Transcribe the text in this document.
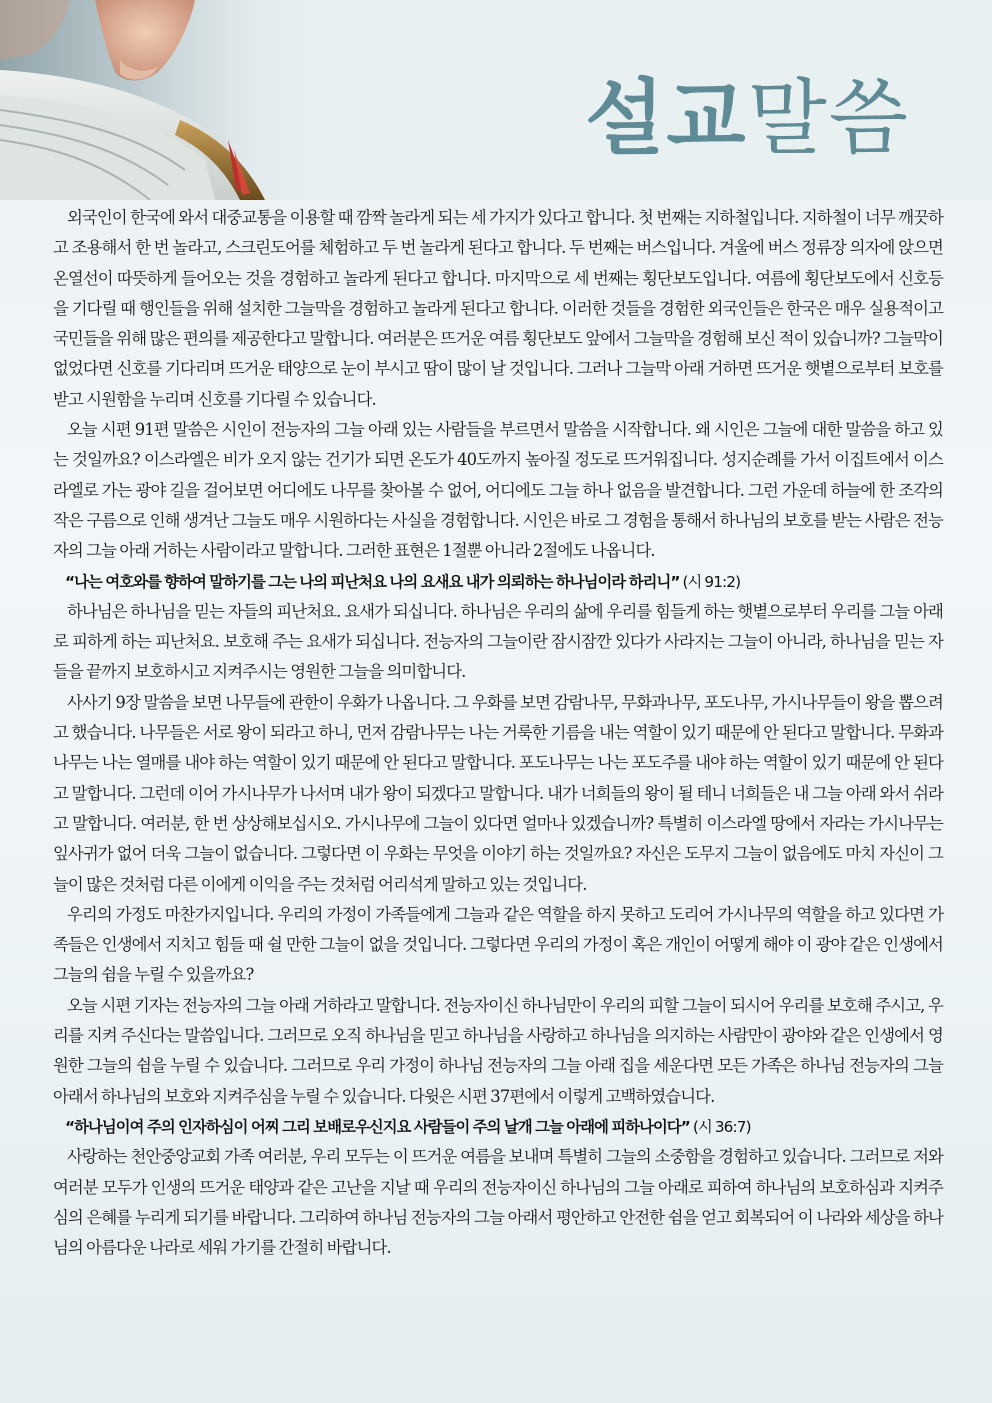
설교말씀

외국인이 한국에 와서 대중교통을 이용할 때 깜짝 놀라게 되는 세 가지가 있다고 합니다. 첫 번째는 지하철입니다. 지하철이 너무 깨끗하고 조용해서 한 번 놀라고, 스크린도어를 체험하고 두 번 놀라게 된다고 합니다. 두 번째는 버스입니다. 겨울에 버스 정류장 의자에 앉으면 온열선이 따뜻하게 들어오는 것을 경험하고 놀라게 된다고 합니다. 마지막으로 세 번째는 횡단보도입니다. 여름에 횡단보도에서 신호등을 기다릴 때 행인들을 위해 설치한 그늘막을 경험하고 놀라게 된다고 합니다. 이러한 것들을 경험한 외국인들은 한국은 매우 실용적이고 국민들을 위해 많은 편의를 제공한다고 말합니다. 여러분은 뜨거운 여름 횡단보도 앞에서 그늘막을 경험해 보신 적이 있습니까? 그늘막이 없었다면 신호를 기다리며 뜨거운 태양으로 눈이 부시고 땀이 많이 날 것입니다. 그러나 그늘막 아래 거하면 뜨거운 햇볕으로부터 보호를 받고 시원함을 누리며 신호를 기다릴 수 있습니다.

오늘 시편 91편 말씀은 시인이 전능자의 그늘 아래 있는 사람들을 부르면서 말씀을 시작합니다. 왜 시인은 그늘에 대한 말씀을 하고 있는 것일까요? 이스라엘은 비가 오지 않는 건기가 되면 온도가 40도까지 높아질 정도로 뜨거워집니다. 성지순례를 가서 이집트에서 이스라엘로 가는 광야 길을 걸어보면 어디에도 나무를 찾아볼 수 없어, 어디에도 그늘 하나 없음을 발견합니다. 그런 가운데 하늘에 한 조각의 작은 구름으로 인해 생겨난 그늘도 매우 시원하다는 사실을 경험합니다. 시인은 바로 그 경험을 통해서 하나님의 보호를 받는 사람은 전능자의 그늘 아래 거하는 사람이라고 말합니다. 그러한 표현은 1절뿐 아니라 2절에도 나옵니다.

“나는 여호와를 향하여 말하기를 그는 나의 피난처요 나의 요새요 내가 의뢰하는 하나님이라 하리니” (시 91:2)

하나님은 하나님을 믿는 자들의 피난처요. 요새가 되십니다. 하나님은 우리의 삶에 우리를 힘들게 하는 햇볕으로부터 우리를 그늘 아래로 피하게 하는 피난처요. 보호해 주는 요새가 되십니다. 전능자의 그늘이란 잠시잠깐 있다가 사라지는 그늘이 아니라, 하나님을 믿는 자들을 끝까지 보호하시고 지켜주시는 영원한 그늘을 의미합니다.

사사기 9장 말씀을 보면 나무들에 관한이 우화가 나옵니다. 그 우화를 보면 감람나무, 무화과나무, 포도나무, 가시나무들이 왕을 뽑으려고 했습니다. 나무들은 서로 왕이 되라고 하니, 먼저 감람나무는 나는 거룩한 기름을 내는 역할이 있기 때문에 안 된다고 말합니다. 무화과나무는 나는 열매를 내야 하는 역할이 있기 때문에 안 된다고 말합니다. 포도나무는 나는 포도주를 내야 하는 역할이 있기 때문에 안 된다고 말합니다. 그런데 이어 가시나무가 나서며 내가 왕이 되겠다고 말합니다. 내가 너희들의 왕이 될 테니 너희들은 내 그늘 아래 와서 쉬라고 말합니다. 여러분, 한 번 상상해보십시오. 가시나무에 그늘이 있다면 얼마나 있겠습니까? 특별히 이스라엘 땅에서 자라는 가시나무는 잎사귀가 없어 더욱 그늘이 없습니다. 그렇다면 이 우화는 무엇을 이야기 하는 것일까요? 자신은 도무지 그늘이 없음에도 마치 자신이 그늘이 많은 것처럼 다른 이에게 이익을 주는 것처럼 어리석게 말하고 있는 것입니다.

우리의 가정도 마찬가지입니다. 우리의 가정이 가족들에게 그늘과 같은 역할을 하지 못하고 도리어 가시나무의 역할을 하고 있다면 가족들은 인생에서 지치고 힘들 때 쉴 만한 그늘이 없을 것입니다. 그렇다면 우리의 가정이 혹은 개인이 어떻게 해야 이 광야 같은 인생에서 그늘의 쉼을 누릴 수 있을까요?

오늘 시편 기자는 전능자의 그늘 아래 거하라고 말합니다. 전능자이신 하나님만이 우리의 피할 그늘이 되시어 우리를 보호해 주시고, 우리를 지켜 주신다는 말씀입니다. 그러므로 오직 하나님을 믿고 하나님을 사랑하고 하나님을 의지하는 사람만이 광야와 같은 인생에서 영원한 그늘의 쉼을 누릴 수 있습니다. 그러므로 우리 가정이 하나님 전능자의 그늘 아래 집을 세운다면 모든 가족은 하나님 전능자의 그늘 아래서 하나님의 보호와 지켜주심을 누릴 수 있습니다. 다윗은 시편 37편에서 이렇게 고백하였습니다.

“하나님이여 주의 인자하심이 어찌 그리 보배로우신지요 사람들이 주의 날개 그늘 아래에 피하나이다” (시 36:7)

사랑하는 천안중앙교회 가족 여러분, 우리 모두는 이 뜨거운 여름을 보내며 특별히 그늘의 소중함을 경험하고 있습니다. 그러므로 저와 여러분 모두가 인생의 뜨거운 태양과 같은 고난을 지날 때 우리의 전능자이신 하나님의 그늘 아래로 피하여 하나님의 보호하심과 지켜주심의 은혜를 누리게 되기를 바랍니다. 그리하여 하나님 전능자의 그늘 아래서 평안하고 안전한 쉼을 얻고 회복되어 이 나라와 세상을 하나님의 아름다운 나라로 세워 가기를 간절히 바랍니다.
